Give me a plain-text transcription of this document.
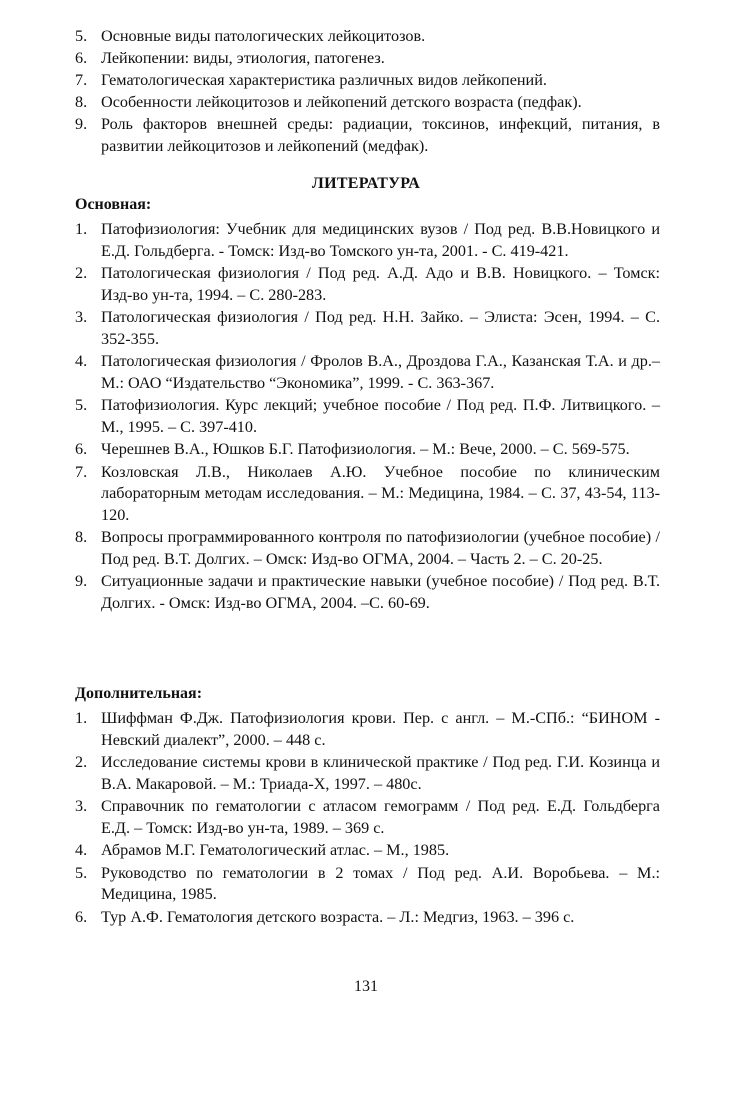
5. Основные виды патологических лейкоцитозов.
6. Лейкопении: виды, этиология, патогенез.
7. Гематологическая характеристика различных видов лейкопений.
8. Особенности лейкоцитозов и лейкопений детского возраста (педфак).
9. Роль факторов внешней среды: радиации, токсинов, инфекций, питания, в развитии лейкоцитозов и лейкопений (медфак).
ЛИТЕРАТУРА
Основная:
1. Патофизиология: Учебник для медицинских вузов / Под ред. В.В.Новицкого и Е.Д. Гольдберга. - Томск: Изд-во Томского ун-та, 2001. - С. 419-421.
2. Патологическая физиология / Под ред. А.Д. Адо и В.В. Новицкого. – Томск: Изд-во ун-та, 1994. – С. 280-283.
3. Патологическая физиология / Под ред. Н.Н. Зайко. – Элиста: Эсен, 1994. – С. 352-355.
4. Патологическая физиология / Фролов В.А., Дроздова Г.А., Казанская Т.А. и др.– М.: ОАО “Издательство “Экономика”, 1999. - С. 363-367.
5. Патофизиология. Курс лекций; учебное пособие / Под ред. П.Ф. Литвицкого. – М., 1995. – С. 397-410.
6. Черешнев В.А., Юшков Б.Г. Патофизиология. – М.: Вече, 2000. – С. 569-575.
7. Козловская Л.В., Николаев А.Ю. Учебное пособие по клиническим лабораторным методам исследования. – М.: Медицина, 1984. – С. 37, 43-54, 113-120.
8. Вопросы программированного контроля по патофизиологии (учебное пособие) / Под ред. В.Т. Долгих. – Омск: Изд-во ОГМА, 2004. – Часть 2. – С. 20-25.
9. Ситуационные задачи и практические навыки (учебное пособие) / Под ред. В.Т. Долгих. - Омск: Изд-во ОГМА, 2004. –С. 60-69.
Дополнительная:
1. Шиффман Ф.Дж. Патофизиология крови. Пер. с англ. – М.-СПб.: “БИНОМ - Невский диалект”, 2000. – 448 с.
2. Исследование системы крови в клинической практике / Под ред. Г.И. Козинца и В.А. Макаровой. – М.: Триада-Х, 1997. – 480с.
3. Справочник по гематологии с атласом гемограмм / Под ред. Е.Д. Гольдберга Е.Д. – Томск: Изд-во ун-та, 1989. – 369 с.
4. Абрамов М.Г. Гематологический атлас. – М., 1985.
5. Руководство по гематологии в 2 томах / Под ред. А.И. Воробьева. – М.: Медицина, 1985.
6. Тур А.Ф. Гематология детского возраста. – Л.: Медгиз, 1963. – 396 с.
131
